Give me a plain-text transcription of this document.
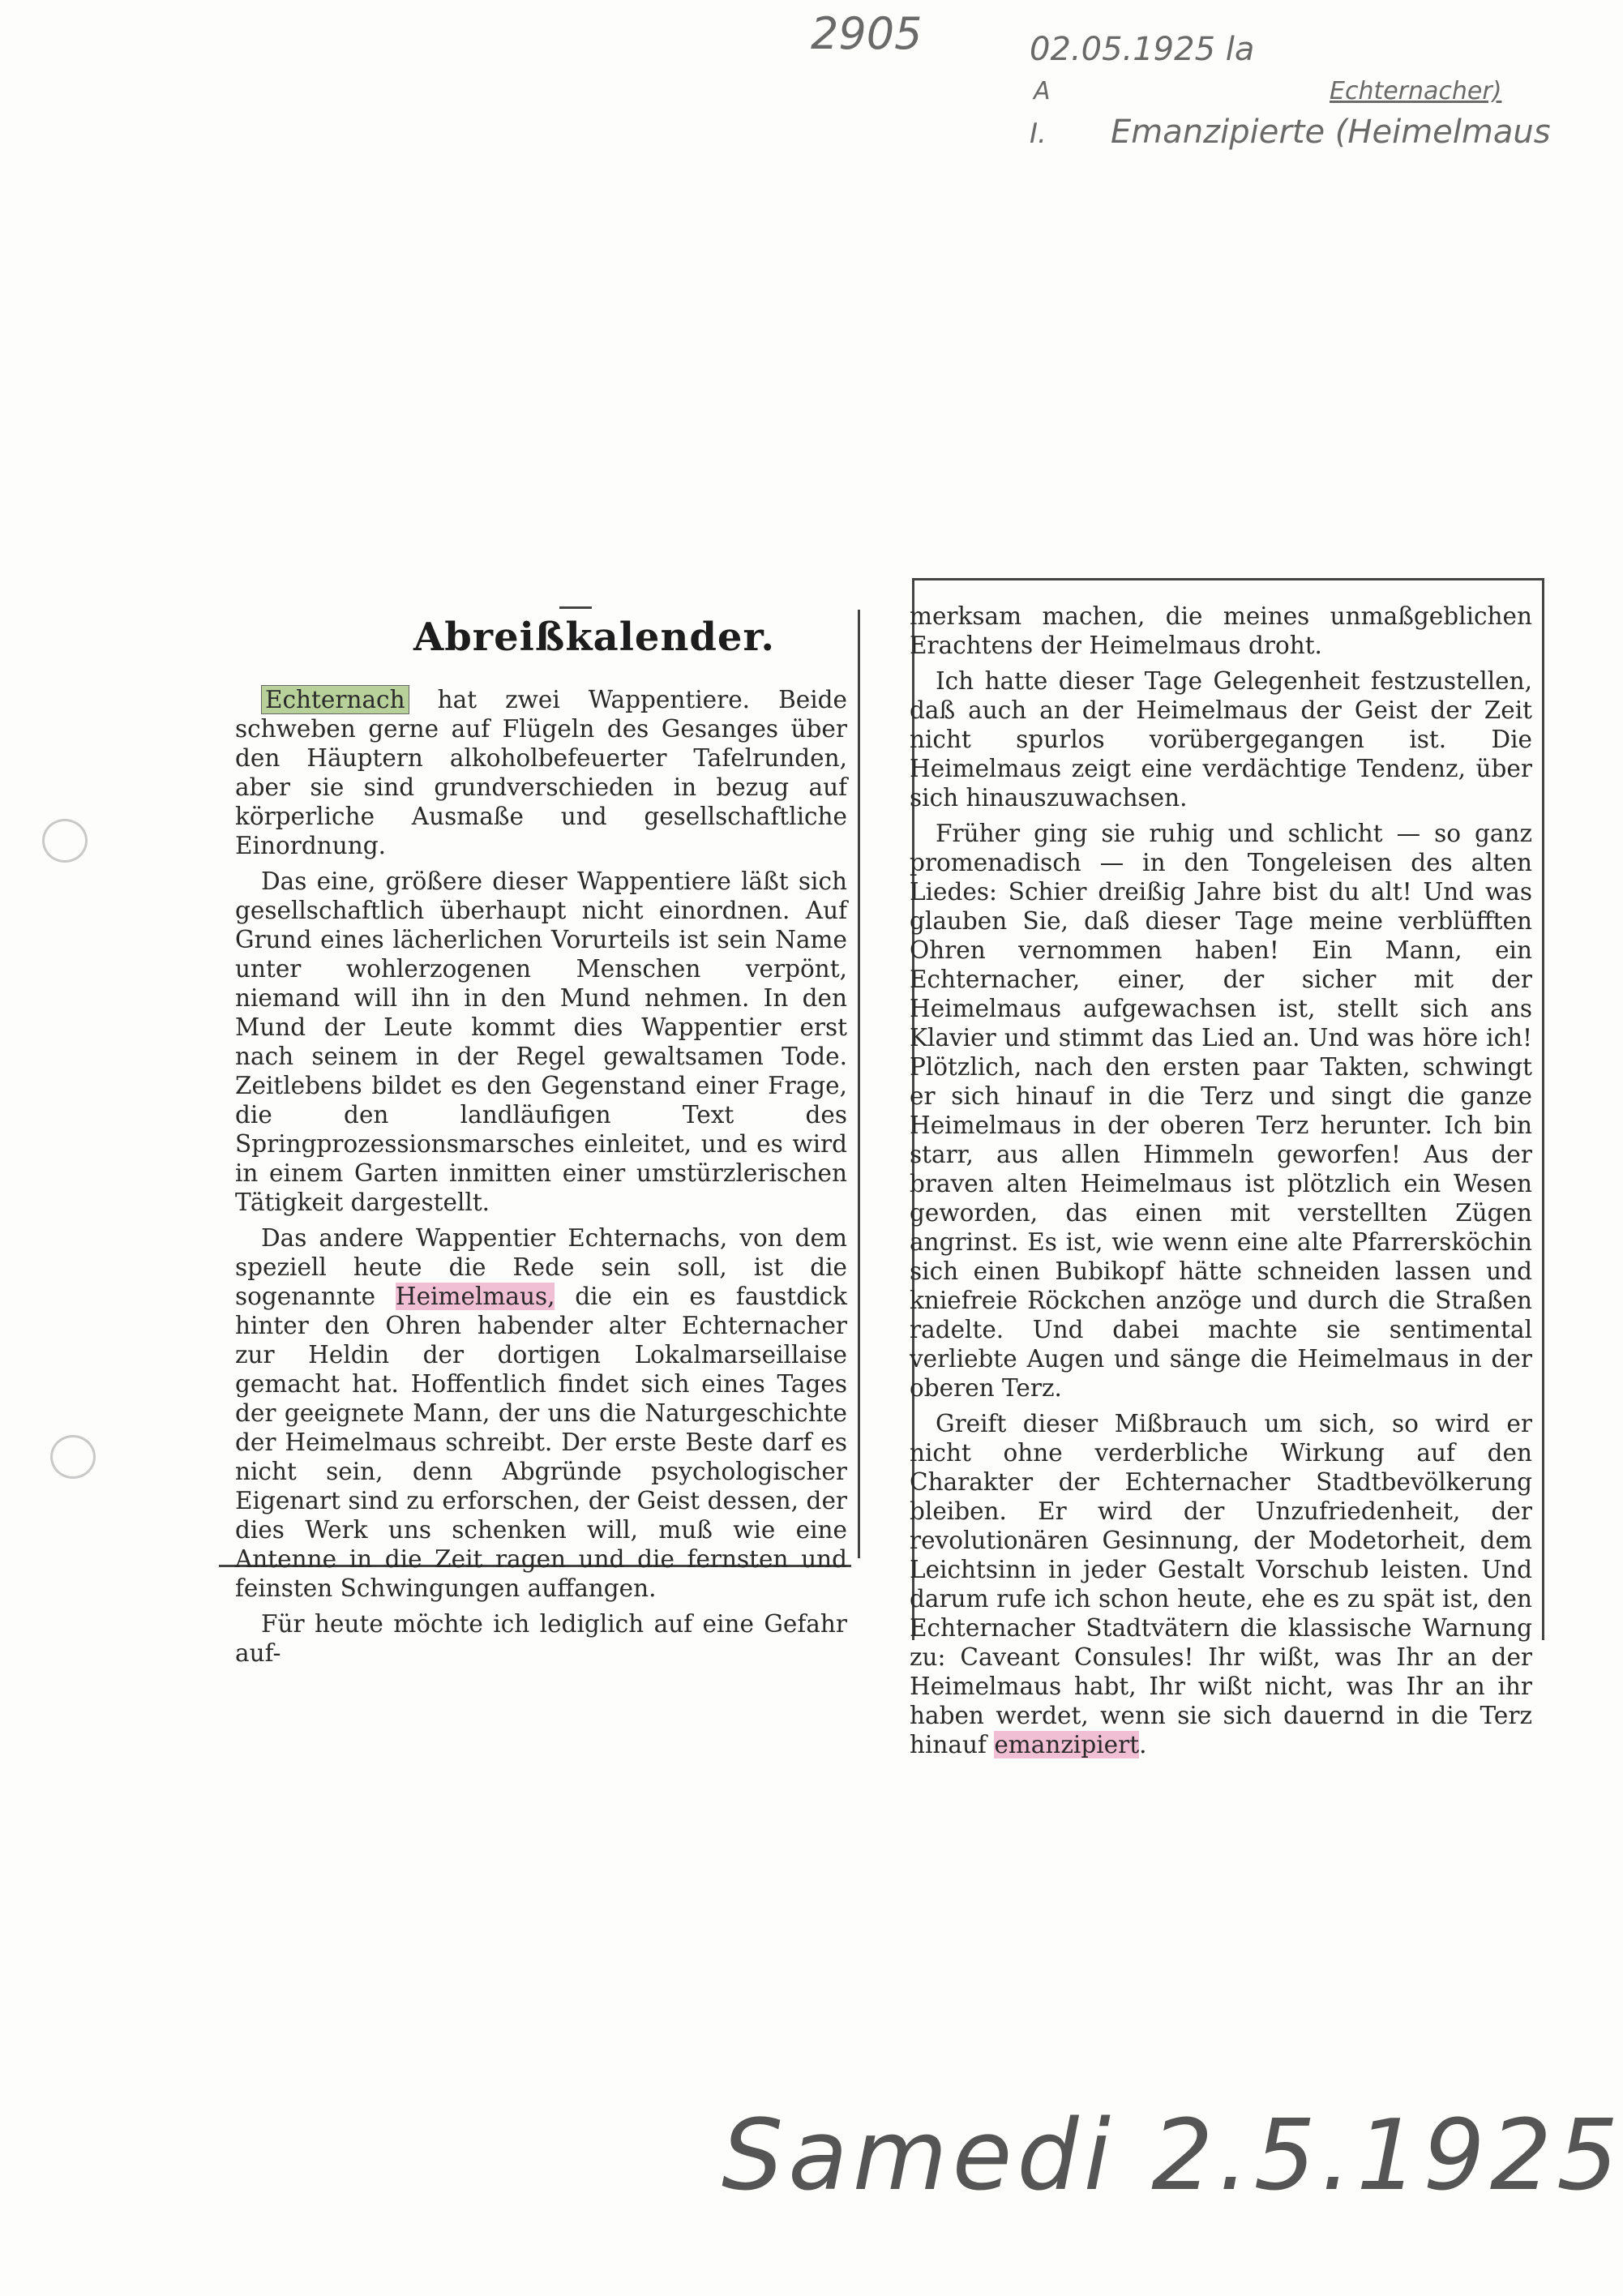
2905	02.05.1925 la
A
I.
Echternacher)
Emanzipierte (Heimelmaus
Abreißkalender.

Echternach hat zwei Wappentiere. Beide schweben gerne auf Flügeln des Gesanges über den Häuptern alkoholbefeuerter Tafelrunden, aber sie sind grundverschieden in bezug auf körperliche Ausmaße und gesellschaftliche Einordnung.

Das eine, größere dieser Wappentiere läßt sich gesellschaftlich überhaupt nicht einordnen. Auf Grund eines lächerlichen Vorurteils ist sein Name unter wohlerzogenen Menschen verpönt, niemand will ihn in den Mund nehmen. In den Mund der Leute kommt dies Wappentier erst nach seinem in der Regel gewaltsamen Tode. Zeitlebens bildet es den Gegenstand einer Frage, die den landläufigen Text des Springprozessionsmarsches einleitet, und es wird in einem Garten inmitten einer umstürzlerischen Tätigkeit dargestellt.

Das andere Wappentier Echternachs, von dem speziell heute die Rede sein soll, ist die sogenannte Heimelmaus, die ein es faustdick hinter den Ohren habender alter Echternacher zur Heldin der dortigen Lokalmarseillaise gemacht hat. Hoffentlich findet sich eines Tages der geeignete Mann, der uns die Naturgeschichte der Heimelmaus schreibt. Der erste Beste darf es nicht sein, denn Abgründe psychologischer Eigenart sind zu erforschen, der Geist dessen, der dies Werk uns schenken will, muß wie eine Antenne in die Zeit ragen und die fernsten und feinsten Schwingungen auffangen.

Für heute möchte ich lediglich auf eine Gefahr auf-

merksam machen, die meines unmaßgeblichen Erachtens der Heimelmaus droht.

Ich hatte dieser Tage Gelegenheit festzustellen, daß auch an der Heimelmaus der Geist der Zeit nicht spurlos vorübergegangen ist. Die Heimelmaus zeigt eine verdächtige Tendenz, über sich hinauszuwachsen.

Früher ging sie ruhig und schlicht — so ganz promenadisch — in den Tongeleisen des alten Liedes: Schier dreißig Jahre bist du alt! Und was glauben Sie, daß dieser Tage meine verblüfften Ohren vernommen haben! Ein Mann, ein Echternacher, einer, der sicher mit der Heimelmaus aufgewachsen ist, stellt sich ans Klavier und stimmt das Lied an. Und was höre ich! Plötzlich, nach den ersten paar Takten, schwingt er sich hinauf in die Terz und singt die ganze Heimelmaus in der oberen Terz herunter. Ich bin starr, aus allen Himmeln geworfen! Aus der braven alten Heimelmaus ist plötzlich ein Wesen geworden, das einen mit verstellten Zügen angrinst. Es ist, wie wenn eine alte Pfarrersköchin sich einen Bubikopf hätte schneiden lassen und kniefreie Röckchen anzöge und durch die Straßen radelte. Und dabei machte sie sentimental verliebte Augen und sänge die Heimelmaus in der oberen Terz.

Greift dieser Mißbrauch um sich, so wird er nicht ohne verderbliche Wirkung auf den Charakter der Echternacher Stadtbevölkerung bleiben. Er wird der Unzufriedenheit, der revolutionären Gesinnung, der Modetorheit, dem Leichtsinn in jeder Gestalt Vorschub leisten. Und darum rufe ich schon heute, ehe es zu spät ist, den Echternacher Stadtvätern die klassische Warnung zu: Caveant Consules! Ihr wißt, was Ihr an der Heimelmaus habt, Ihr wißt nicht, was Ihr an ihr haben werdet, wenn sie sich dauernd in die Terz hinauf emanzipiert.

Samedi 2.5.1925
